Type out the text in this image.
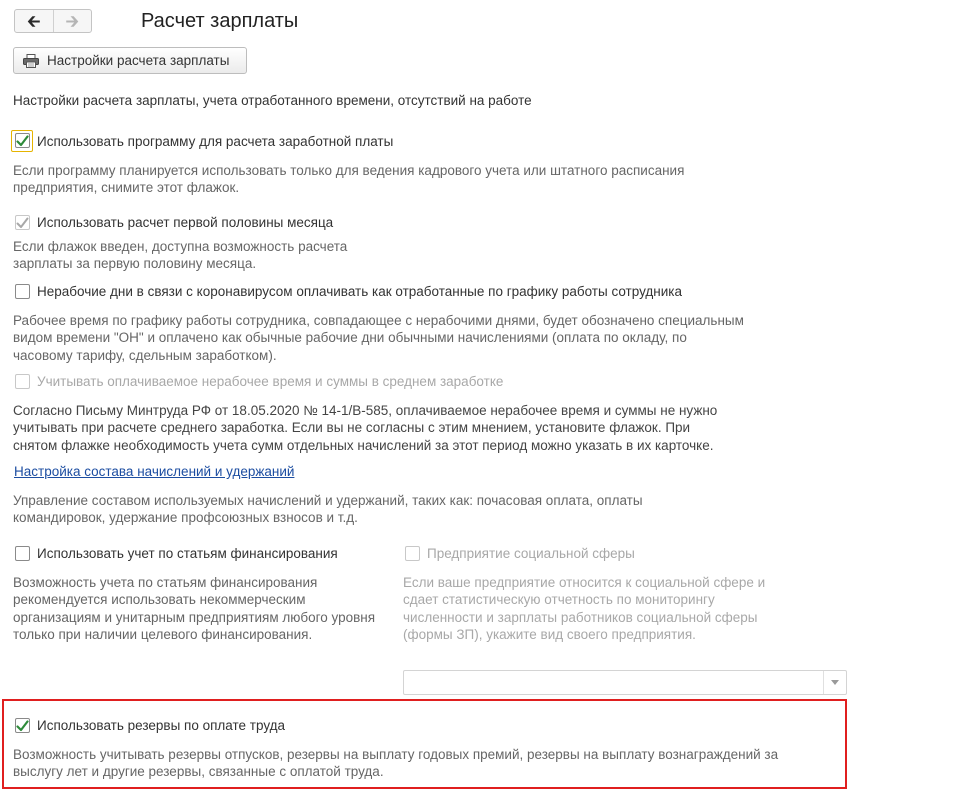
🡰 🡲	Расчет зарплаты
Настройки расчета зарплаты
Настройки расчета зарплаты, учета отработанного времени, отсутствий на работе
Использовать программу для расчета заработной платы
Если программу планируется использовать только для ведения кадрового учета или штатного расписания
предприятия, снимите этот флажок.
Использовать расчет первой половины месяца
Если флажок введен, доступна возможность расчета
зарплаты за первую половину месяца.
Нерабочие дни в связи с коронавирусом оплачивать как отработанные по графику работы сотрудника
Рабочее время по графику работы сотрудника, совпадающее с нерабочими днями, будет обозначено специальным
видом времени "ОН" и оплачено как обычные рабочие дни обычными начислениями (оплата по окладу, по
часовому тарифу, сдельным заработком).
Учитывать оплачиваемое нерабочее время и суммы в среднем заработке
Согласно Письму Минтруда РФ от 18.05.2020 № 14-1/В-585, оплачиваемое нерабочее время и суммы не нужно
учитывать при расчете среднего заработка. Если вы не согласны с этим мнением, установите флажок. При
снятом флажке необходимость учета сумм отдельных начислений за этот период можно указать в их карточке.
Настройка состава начислений и удержаний
Управление составом используемых начислений и удержаний, таких как: почасовая оплата, оплаты
командировок, удержание профсоюзных взносов и т.д.
Использовать учет по статьям финансирования
Возможность учета по статьям финансирования
рекомендуется использовать некоммерческим
организациям и унитарным предприятиям любого уровня
только при наличии целевого финансирования.
Предприятие социальной сферы
Если ваше предприятие относится к социальной сфере и
сдает статистическую отчетность по мониторингу
численности и зарплаты работников социальной сферы
(формы ЗП), укажите вид своего предприятия.
Использовать резервы по оплате труда
Возможность учитывать резервы отпусков, резервы на выплату годовых премий, резервы на выплату вознаграждений за
выслугу лет и другие резервы, связанные с оплатой труда.
